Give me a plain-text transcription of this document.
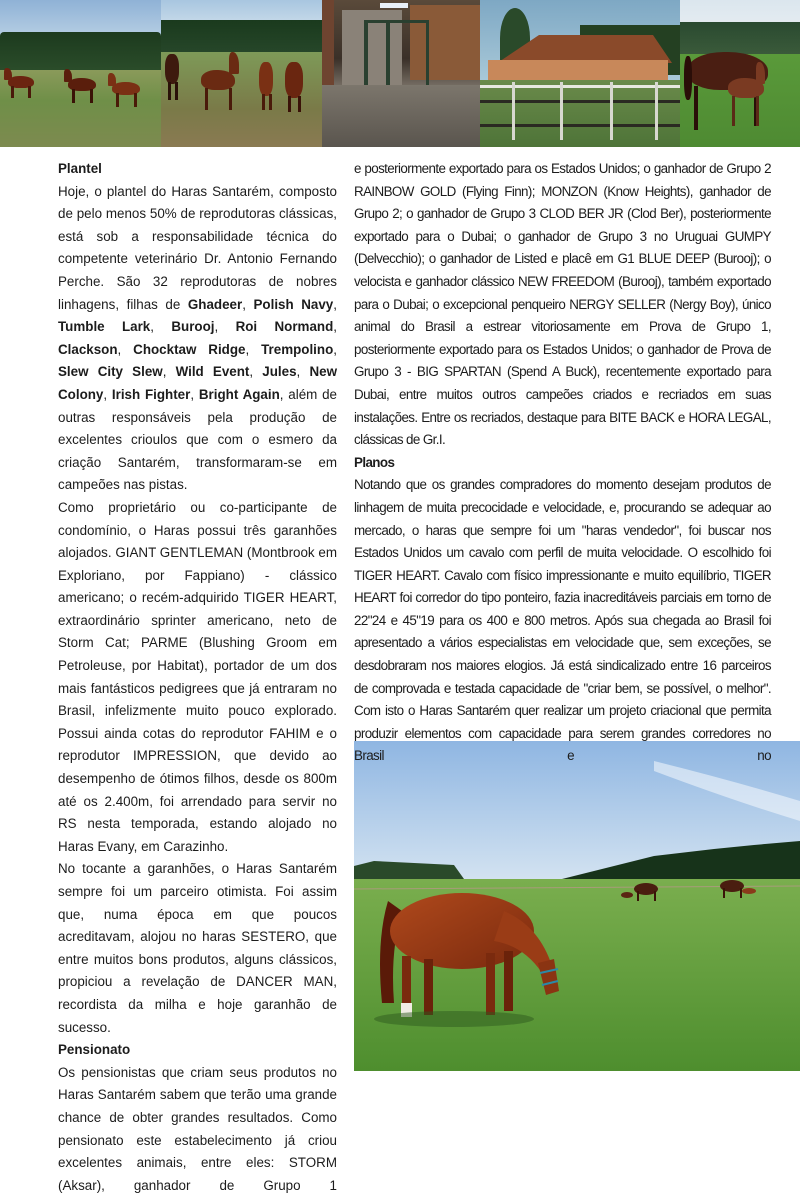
Plantel

Hoje, o plantel do Haras Santarém, composto de pelo menos 50% de reprodutoras clássicas, está sob a responsabilidade técnica do competente veterinário Dr. Antonio Fernando Perche. São 32 reprodutoras de nobres linhagens, filhas de Ghadeer, Polish Navy, Tumble Lark, Burooj, Roi Normand, Clackson, Chocktaw Ridge, Trempolino, Slew City Slew, Wild Event, Jules, New Colony, Irish Fighter, Bright Again, além de outras responsáveis pela produção de excelentes crioulos que com o esmero da criação Santarém, transformaram-se em campeões nas pistas.

Como proprietário ou co-participante de condomínio, o Haras possui três garanhões alojados. GIANT GENTLEMAN (Montbrook em Exploriano, por Fappiano) - clássico americano; o recém-adquirido TIGER HEART, extraordinário sprinter americano, neto de Storm Cat; PARME (Blushing Groom em Petroleuse, por Habitat), portador de um dos mais fantásticos pedigrees que já entraram no Brasil, infelizmente muito pouco explorado. Possui ainda cotas do reprodutor FAHIM e o reprodutor IMPRESSION, que devido ao desempenho de ótimos filhos, desde os 800m até os 2.400m, foi arrendado para servir no RS nesta temporada, estando alojado no Haras Evany, em Carazinho.

No tocante a garanhões, o Haras Santarém sempre foi um parceiro otimista. Foi assim que, numa época em que poucos acreditavam, alojou no haras SESTERO, que entre muitos bons produtos, alguns clássicos, propiciou a revelação de DANCER MAN, recordista da milha e hoje garanhão de sucesso.

Pensionato

Os pensionistas que criam seus produtos no Haras Santarém sabem que terão uma grande chance de obter grandes resultados. Como pensionato este estabelecimento já criou excelentes animais, entre eles: STORM (Aksar), ganhador de Grupo 1

e posteriormente exportado para os Estados Unidos; o ganhador de Grupo 2 RAINBOW GOLD (Flying Finn); MONZON (Know Heights), ganhador de Grupo 2; o ganhador de Grupo 3 CLOD BER JR (Clod Ber), posteriormente exportado para o Dubai; o ganhador de Grupo 3 no Uruguai GUMPY (Delvecchio); o ganhador de Listed e placê em G1 BLUE DEEP (Burooj); o velocista e ganhador clássico NEW FREEDOM (Burooj), também exportado para o Dubai; o excepcional penqueiro NERGY SELLER (Nergy Boy), único animal do Brasil a estrear vitoriosamente em Prova de Grupo 1, posteriormente exportado para os Estados Unidos; o ganhador de Prova de Grupo 3 - BIG SPARTAN (Spend A Buck), recentemente exportado para Dubai, entre muitos outros campeões criados e recriados em suas instalações. Entre os recriados, destaque para BITE BACK e HORA LEGAL, clássicas de Gr.I.

Planos

Notando que os grandes compradores do momento desejam produtos de linhagem de muita precocidade e velocidade, e, procurando se adequar ao mercado, o haras que sempre foi um "haras vendedor", foi buscar nos Estados Unidos um cavalo com perfil de muita velocidade. O escolhido foi TIGER HEART. Cavalo com físico impressionante e muito equilíbrio, TIGER HEART foi corredor do tipo ponteiro, fazia inacreditáveis parciais em torno de 22"24 e 45"19 para os 400 e 800 metros. Após sua chegada ao Brasil foi apresentado a vários especialistas em velocidade que, sem exceções, se desdobraram nos maiores elogios. Já está sindicalizado entre 16 parceiros de comprovada e testada capacidade de "criar bem, se possível, o melhor". Com isto o Haras Santarém quer realizar um projeto criacional que permita produzir elementos com capacidade para serem grandes corredores no Brasil e no
